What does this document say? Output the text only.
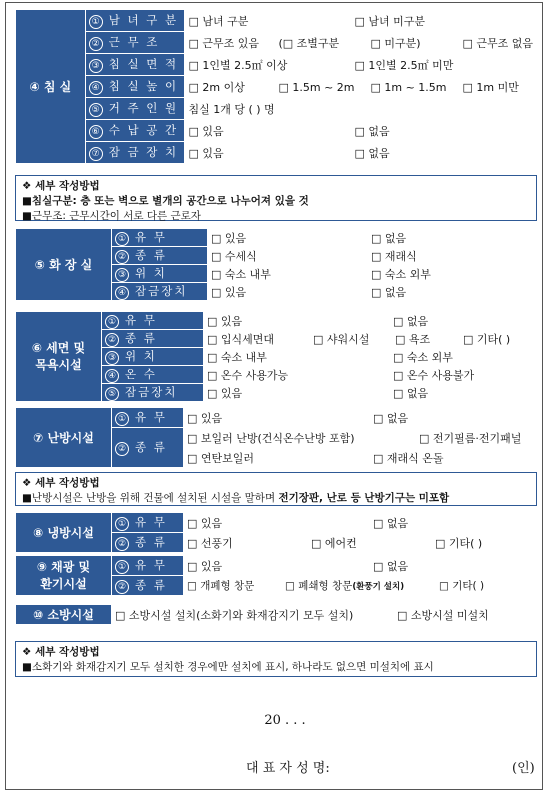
④ 침 실	① 남 녀 구 분	□ 남녀 구분 □ 남녀 미구분
	② 근 무 조	□ 근무조 있음 (□ 조별구분 □ 미구분) □ 근무조 없음
	③ 침 실 면 적	□ 1인별 2.5㎡ 이상 □ 1인별 2.5㎡ 미만
	④ 침 실 높 이	□ 2m 이상 □ 1.5m ~ 2m □ 1m ~ 1.5m □ 1m 미만
	⑤ 거 주 인 원	침실 1개 당 ( ) 명
	⑥ 수 납 공 간	□ 있음 □ 없음
	⑦ 잠 금 장 치	□ 있음 □ 없음
❖ 세부 작성방법
■침실구분: 층 또는 벽으로 별개의 공간으로 나누어져 있을 것
■근무조: 근무시간이 서로 다른 근로자
⑤ 화 장 실	① 유 무	□ 있음 □ 없음
	② 종 류	□ 수세식 □ 재래식
	③ 위 치	□ 숙소 내부 □ 숙소 외부
	④ 잠금장치	□ 있음 □ 없음
⑥ 세면 및
목욕시설	① 유 무	□ 있음 □ 없음
	② 종 류	□ 입식세면대 □ 샤워시설 □ 욕조 □ 기타( )
	③ 위 치	□ 숙소 내부 □ 숙소 외부
	④ 온 수	□ 온수 사용가능 □ 온수 사용불가
	⑤ 잠금장치	□ 있음 □ 없음
⑦ 난방시설	① 유 무	□ 있음 □ 없음
	② 종 류	□ 보일러 난방(건식온수난방 포함) □ 전기필름·전기패널
		□ 연탄보일러 □ 재래식 온돌
❖ 세부 작성방법
■난방시설은 난방을 위해 건물에 설치된 시설을 말하며 전기장판, 난로 등 난방기구는 미포함
⑧ 냉방시설	① 유 무	□ 있음 □ 없음
	② 종 류	□ 선풍기 □ 에어컨 □ 기타( )
⑨ 채광 및
환기시설	① 유 무	□ 있음 □ 없음
	② 종 류	□ 개폐형 창문 □ 폐쇄형 창문(환풍기 설치) □ 기타( )
⑩ 소방시설	□ 소방시설 설치(소화기와 화재감지기 모두 설치)	□ 소방시설 미설치
❖ 세부 작성방법
■소화기와 화재감지기 모두 설치한 경우에만 설치에 표시, 하나라도 없으면 미설치에 표시
20 . . .
대 표 자 성 명:	(인)
